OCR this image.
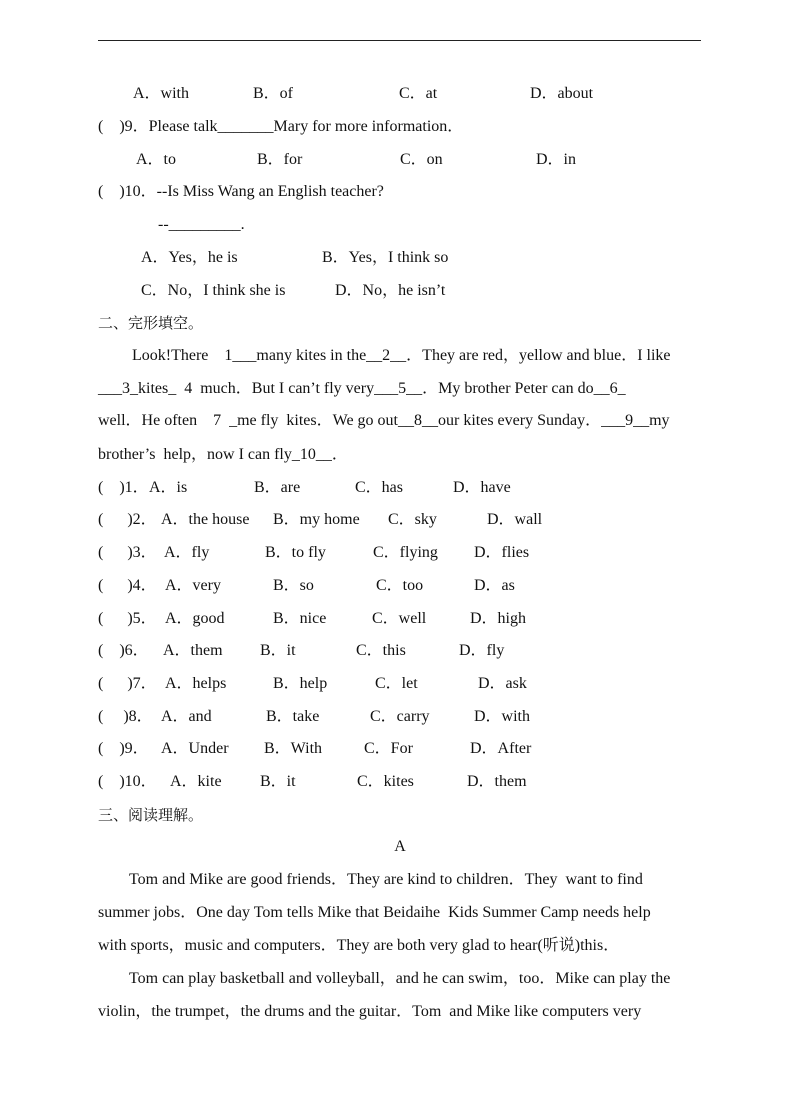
A．with	B．of	C．at	D．about
(    )9．Please talk_______Mary for more information．
A．to	B．for	C．on	D．in
(    )10．--Is Miss Wang an English teacher?
--_________.
A．Yes，he is	B．Yes，I think so
C．No，I think she is	D．No，he isn’t
二、完形填空。
Look!There    1___many kites in the__2__．They are red，yellow and blue．I like
___3_kites_  4  much．But I can’t fly very___5__．My brother Peter can do__6_
well．He often    7  _me fly  kites．We go out__8__our kites every Sunday．___9__my
brother’s  help，now I can fly_10__．
(    )1． A．is	B．are	C．has	D．have
(      )2． A．the house B．my home C．sky	D．wall
(      )3． A．fly	B．to fly	C．flying D．flies
(      )4． A．very	B．so	C．too	D．as
(      )5． A．good	B．nice	C．well	D．high
(    )6． A．them B．it	C．this	D．fly
(      )7． A．helps	B．help	C．let	D．ask
(     )8． A．and	B．take	C．carry	D．with
(    )9． A．Under B．With	C．For	D．After
(    )10． A．kite B．it	C．kites	D．them
三、阅读理解。
A
Tom and Mike are good friends．They are kind to children．They  want to find
summer jobs．One day Tom tells Mike that Beidaihe  Kids Summer Camp needs help
with sports，music and computers．They are both very glad to hear(听说)this．
Tom can play basketball and volleyball，and he can swim，too．Mike can play the
violin，the trumpet，the drums and the guitar．Tom  and Mike like computers very
